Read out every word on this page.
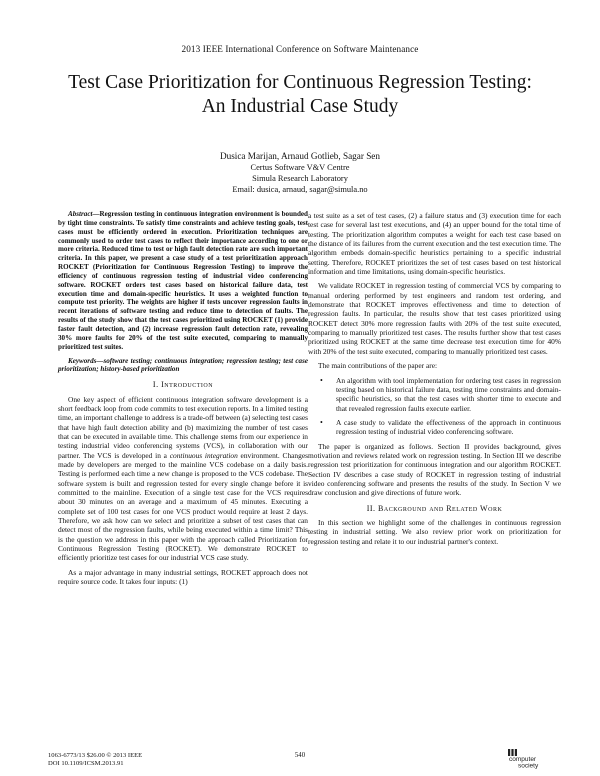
2013 IEEE International Conference on Software Maintenance
Test Case Prioritization for Continuous Regression Testing: An Industrial Case Study
Dusica Marijan, Arnaud Gotlieb, Sagar Sen
Certus Software V&V Centre
Simula Research Laboratory
Email: dusica, arnaud, sagar@simula.no

Abstract—Regression testing in continuous integration environment is bounded by tight time constraints. To satisfy time constraints and achieve testing goals, test cases must be efficiently ordered in execution. Prioritization techniques are commonly used to order test cases to reflect their importance according to one or more criteria. Reduced time to test or high fault detection rate are such important criteria. In this paper, we present a case study of a test prioritization approach ROCKET (Prioritization for Continuous Regression Testing) to improve the efficiency of continuous regression testing of industrial video conferencing software. ROCKET orders test cases based on historical failure data, test execution time and domain-specific heuristics. It uses a weighted function to compute test priority. The weights are higher if tests uncover regression faults in recent iterations of software testing and reduce time to detection of faults. The results of the study show that the test cases prioritized using ROCKET (1) provide faster fault detection, and (2) increase regression fault detection rate, revealing 30% more faults for 20% of the test suite executed, comparing to manually prioritized test suites.

Keywords—software testing; continuous integration; regression testing; test case prioritization; history-based prioritization

I. Introduction

One key aspect of efficient continuous integration software development is a short feedback loop from code commits to test execution reports. In a limited testing time, an important challenge to address is a trade-off between (a) selecting test cases that have high fault detection ability and (b) maximizing the number of test cases that can be executed in available time. This challenge stems from our experience in testing industrial video conferencing systems (VCS), in collaboration with our partner. The VCS is developed in a continuous integration environment. Changes made by developers are merged to the mainline VCS codebase on a daily basis. Testing is performed each time a new change is proposed to the VCS codebase. The software system is built and regression tested for every single change before it is committed to the mainline. Execution of a single test case for the VCS requires about 30 minutes on an average and a maximum of 45 minutes. Executing a complete set of 100 test cases for one VCS product would require at least 2 days. Therefore, we ask how can we select and prioritize a subset of test cases that can detect most of the regression faults, while being executed within a time limit? This is the question we address in this paper with the approach called Prioritization for Continuous Regression Testing (ROCKET). We demonstrate ROCKET to efficiently prioritize test cases for our industrial VCS case study.

As a major advantage in many industrial settings, ROCKET approach does not require source code. It takes four inputs: (1)

a test suite as a set of test cases, (2) a failure status and (3) execution time for each test case for several last test executions, and (4) an upper bound for the total time of testing. The prioritization algorithm computes a weight for each test case based on the distance of its failures from the current execution and the test execution time. The algorithm embeds domain-specific heuristics pertaining to a specific industrial setting. Therefore, ROCKET prioritizes the set of test cases based on test historical information and time limitations, using domain-specific heuristics.

We validate ROCKET in regression testing of commercial VCS by comparing to manual ordering performed by test engineers and random test ordering, and demonstrate that ROCKET improves effectiveness and time to detection of regression faults. In particular, the results show that test cases prioritized using ROCKET detect 30% more regression faults with 20% of the test suite executed, comparing to manually prioritized test cases. The results further show that test cases prioritized using ROCKET at the same time decrease test execution time for 40% with 20% of the test suite executed, comparing to manually prioritized test cases.

The main contributions of the paper are:

• An algorithm with tool implementation for ordering test cases in regression testing based on historical failure data, testing time constraints and domain-specific heuristics, so that the test cases with shorter time to execute and that revealed regression faults execute earlier.
• A case study to validate the effectiveness of the approach in continuous regression testing of industrial video conferencing software.

The paper is organized as follows. Section II provides background, gives motivation and reviews related work on regression testing. In Section III we describe regression test prioritization for continuous integration and our algorithm ROCKET. Section IV describes a case study of ROCKET in regression testing of industrial video conferencing software and presents the results of the study. In Section V we draw conclusion and give directions of future work.

II. Background and Related Work

In this section we highlight some of the challenges in continuous regression testing in industrial setting. We also review prior work on prioritization for regression testing and relate it to our industrial partner's context.

1063-6773/13 $26.00 © 2013 IEEE
DOI 10.1109/ICSM.2013.91
540
computer
society
